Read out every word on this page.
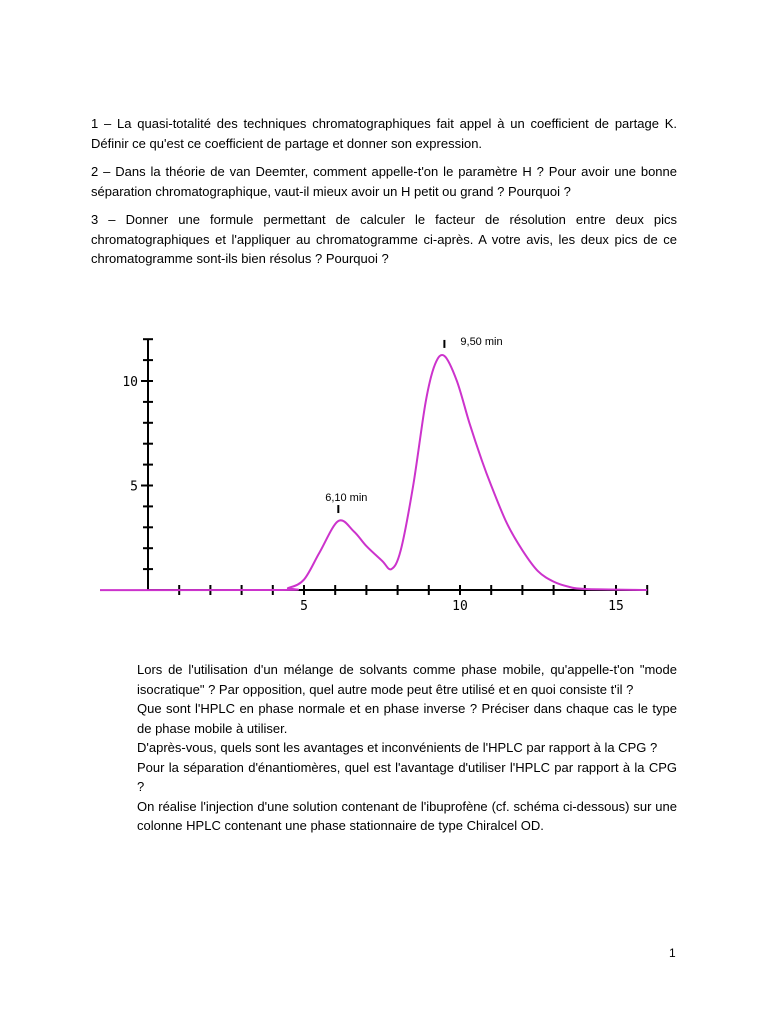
1 – La quasi-totalité des techniques chromatographiques fait appel à un coefficient de partage K. Définir ce qu'est ce coefficient de partage et donner son expression.

2 – Dans la théorie de van Deemter, comment appelle-t'on le paramètre H ? Pour avoir une bonne séparation chromatographique, vaut-il mieux avoir un H petit ou grand ? Pourquoi ?

3 – Donner une formule permettant de calculer le facteur de résolution entre deux pics chromatographiques et l'appliquer au chromatogramme ci-après. A votre avis, les deux pics de ce chromatogramme sont-ils bien résolus ? Pourquoi ?

5	10	15
5
10
6,10 min
9,50 min

Lors de l'utilisation d'un mélange de solvants comme phase mobile, qu'appelle-t'on "mode isocratique" ? Par opposition, quel autre mode peut être utilisé et en quoi consiste t'il ?

Que sont l'HPLC en phase normale et en phase inverse ? Préciser dans chaque cas le type de phase mobile à utiliser.

D'après-vous, quels sont les avantages et inconvénients de l'HPLC par rapport à la CPG ?

Pour la séparation d'énantiomères, quel est l'avantage d'utiliser l'HPLC par rapport à la CPG ?

On réalise l'injection d'une solution contenant de l'ibuprofène (cf. schéma ci-dessous) sur une colonne HPLC contenant une phase stationnaire de type Chiralcel OD.

1
